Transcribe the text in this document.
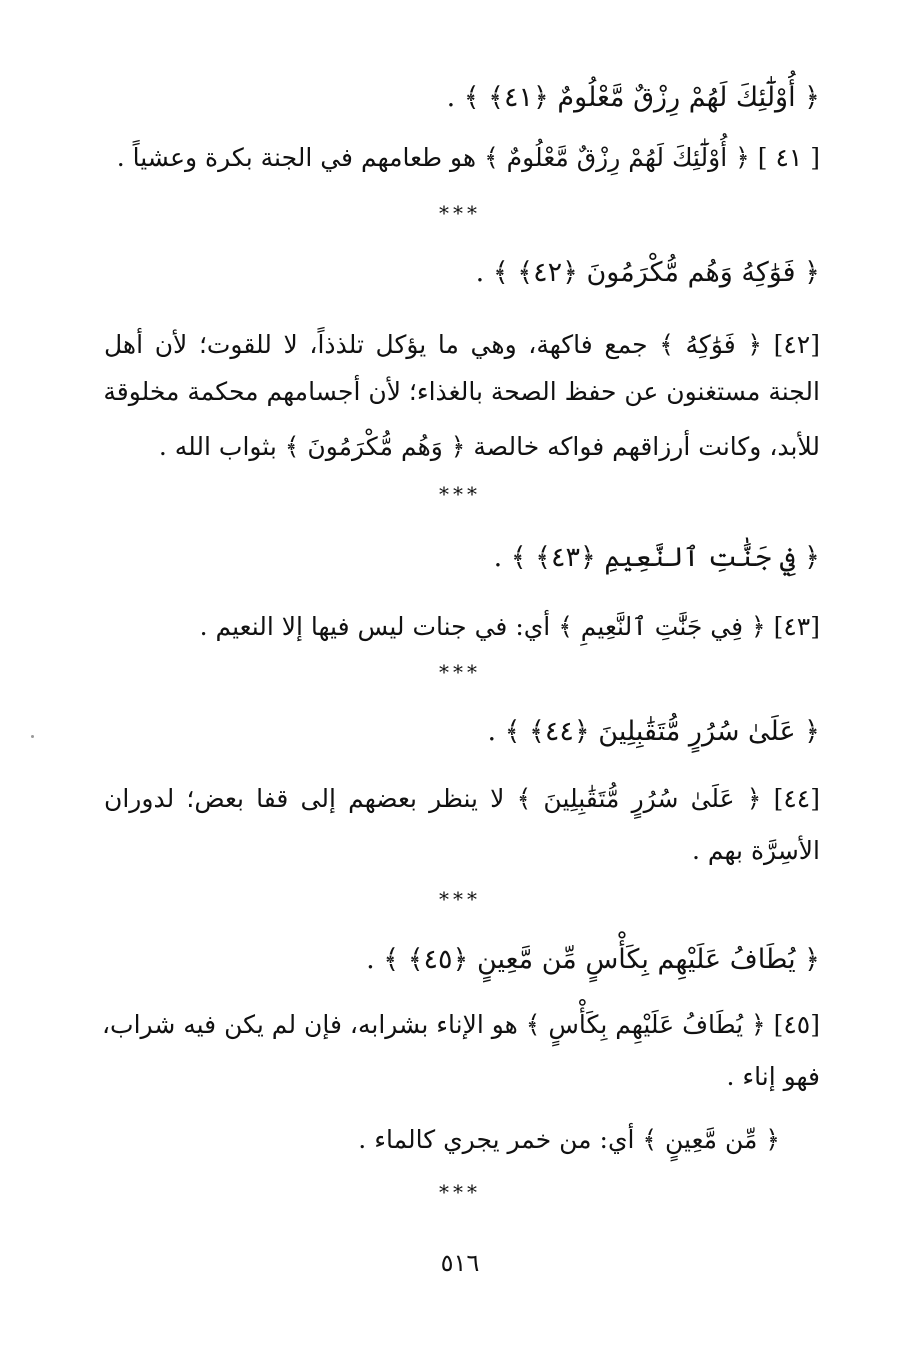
﴿ أُوْلَٰٓئِكَ لَهُمْ رِزْقٌ مَّعْلُومٌ ﴿٤١﴾ ﴾ .
[ ٤١ ] ﴿ أُوْلَٰٓئِكَ لَهُمْ رِزْقٌ مَّعْلُومٌ ﴾ هو طعامهم في الجنة بكرة وعشياً .
***
﴿ فَوَٰكِهُ وَهُم مُّكْرَمُونَ ﴿٤٢﴾ ﴾ .
[٤٢] ﴿ فَوَٰكِهُ ﴾ جمع فاكهة، وهي ما يؤكل تلذذاً، لا للقوت؛ لأن أهل
الجنة مستغنون عن حفظ الصحة بالغذاء؛ لأن أجسامهم محكمة مخلوقة
للأبد، وكانت أرزاقهم فواكه خالصة ﴿ وَهُم مُّكْرَمُونَ ﴾ بثواب الله .
***
﴿ فِي جَنَّٰتِ ٱلنَّعِيمِ ﴿٤٣﴾ ﴾ .
[٤٣] ﴿ فِي جَنَّٰتِ ٱلنَّعِيمِ ﴾ أي: في جنات ليس فيها إلا النعيم .
***
﴿ عَلَىٰ سُرُرٍ مُّتَقَٰبِلِينَ ﴿٤٤﴾ ﴾ .
[٤٤] ﴿ عَلَىٰ سُرُرٍ مُّتَقَٰبِلِينَ ﴾ لا ينظر بعضهم إلى قفا بعض؛ لدوران
الأسِرَّة بهم .
***
﴿ يُطَافُ عَلَيْهِم بِكَأْسٍ مِّن مَّعِينٍ ﴿٤٥﴾ ﴾ .
[٤٥] ﴿ يُطَافُ عَلَيْهِم بِكَأْسٍ ﴾ هو الإناء بشرابه، فإن لم يكن فيه شراب،
فهو إناء .
﴿ مِّن مَّعِينٍ ﴾ أي: من خمر يجري كالماء .
***
٥١٦
